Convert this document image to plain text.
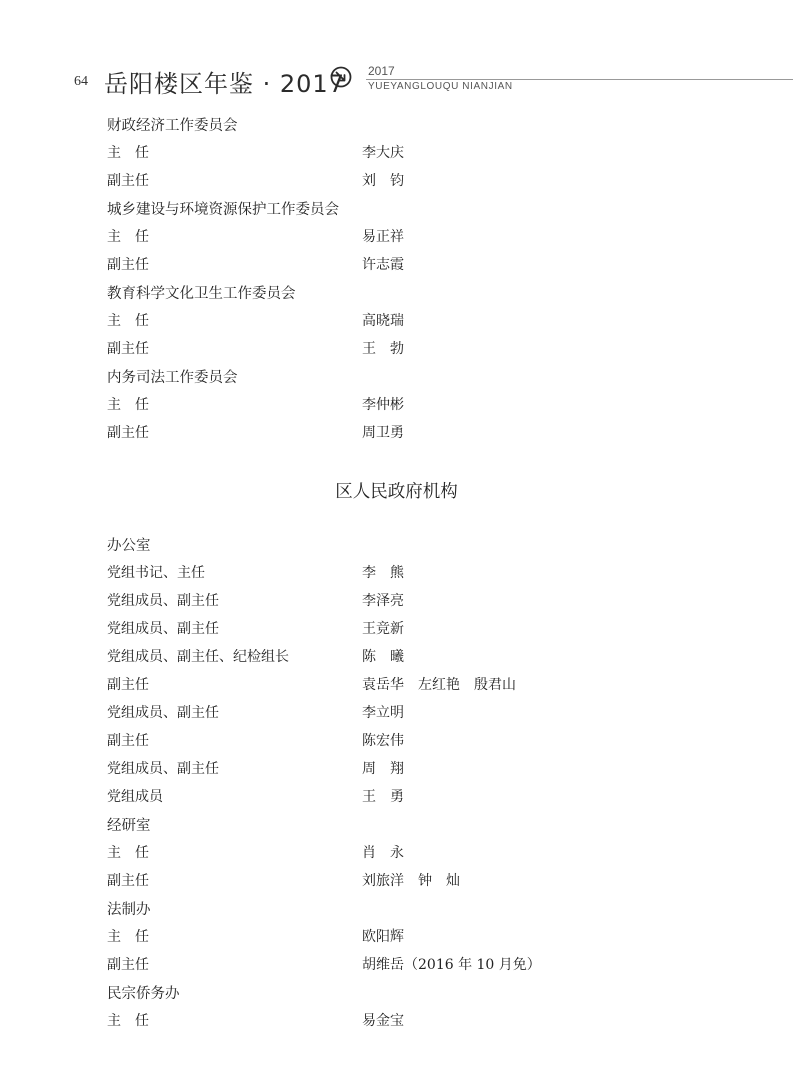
64 岳阳楼区年鉴 · 2017 2017
YUEYANGLOUQU NIANJIAN
财政经济工作委员会
主　任	李大庆
副主任	刘　钧
城乡建设与环境资源保护工作委员会
主　任	易正祥
副主任	许志霞
教育科学文化卫生工作委员会
主　任	高晓瑞
副主任	王　勃
内务司法工作委员会
主　任	李仲彬
副主任	周卫勇
区人民政府机构
办公室
党组书记、主任	李　熊
党组成员、副主任	李泽亮
党组成员、副主任	王竞新
党组成员、副主任、纪检组长	陈　曦
副主任	袁岳华　左红艳　殷君山
党组成员、副主任	李立明
副主任	陈宏伟
党组成员、副主任	周　翔
党组成员	王　勇
经研室
主　任	肖　永
副主任	刘旅洋　钟　灿
法制办
主　任	欧阳辉
副主任	胡维岳（2016 年 10 月免）
民宗侨务办
主　任	易金宝
